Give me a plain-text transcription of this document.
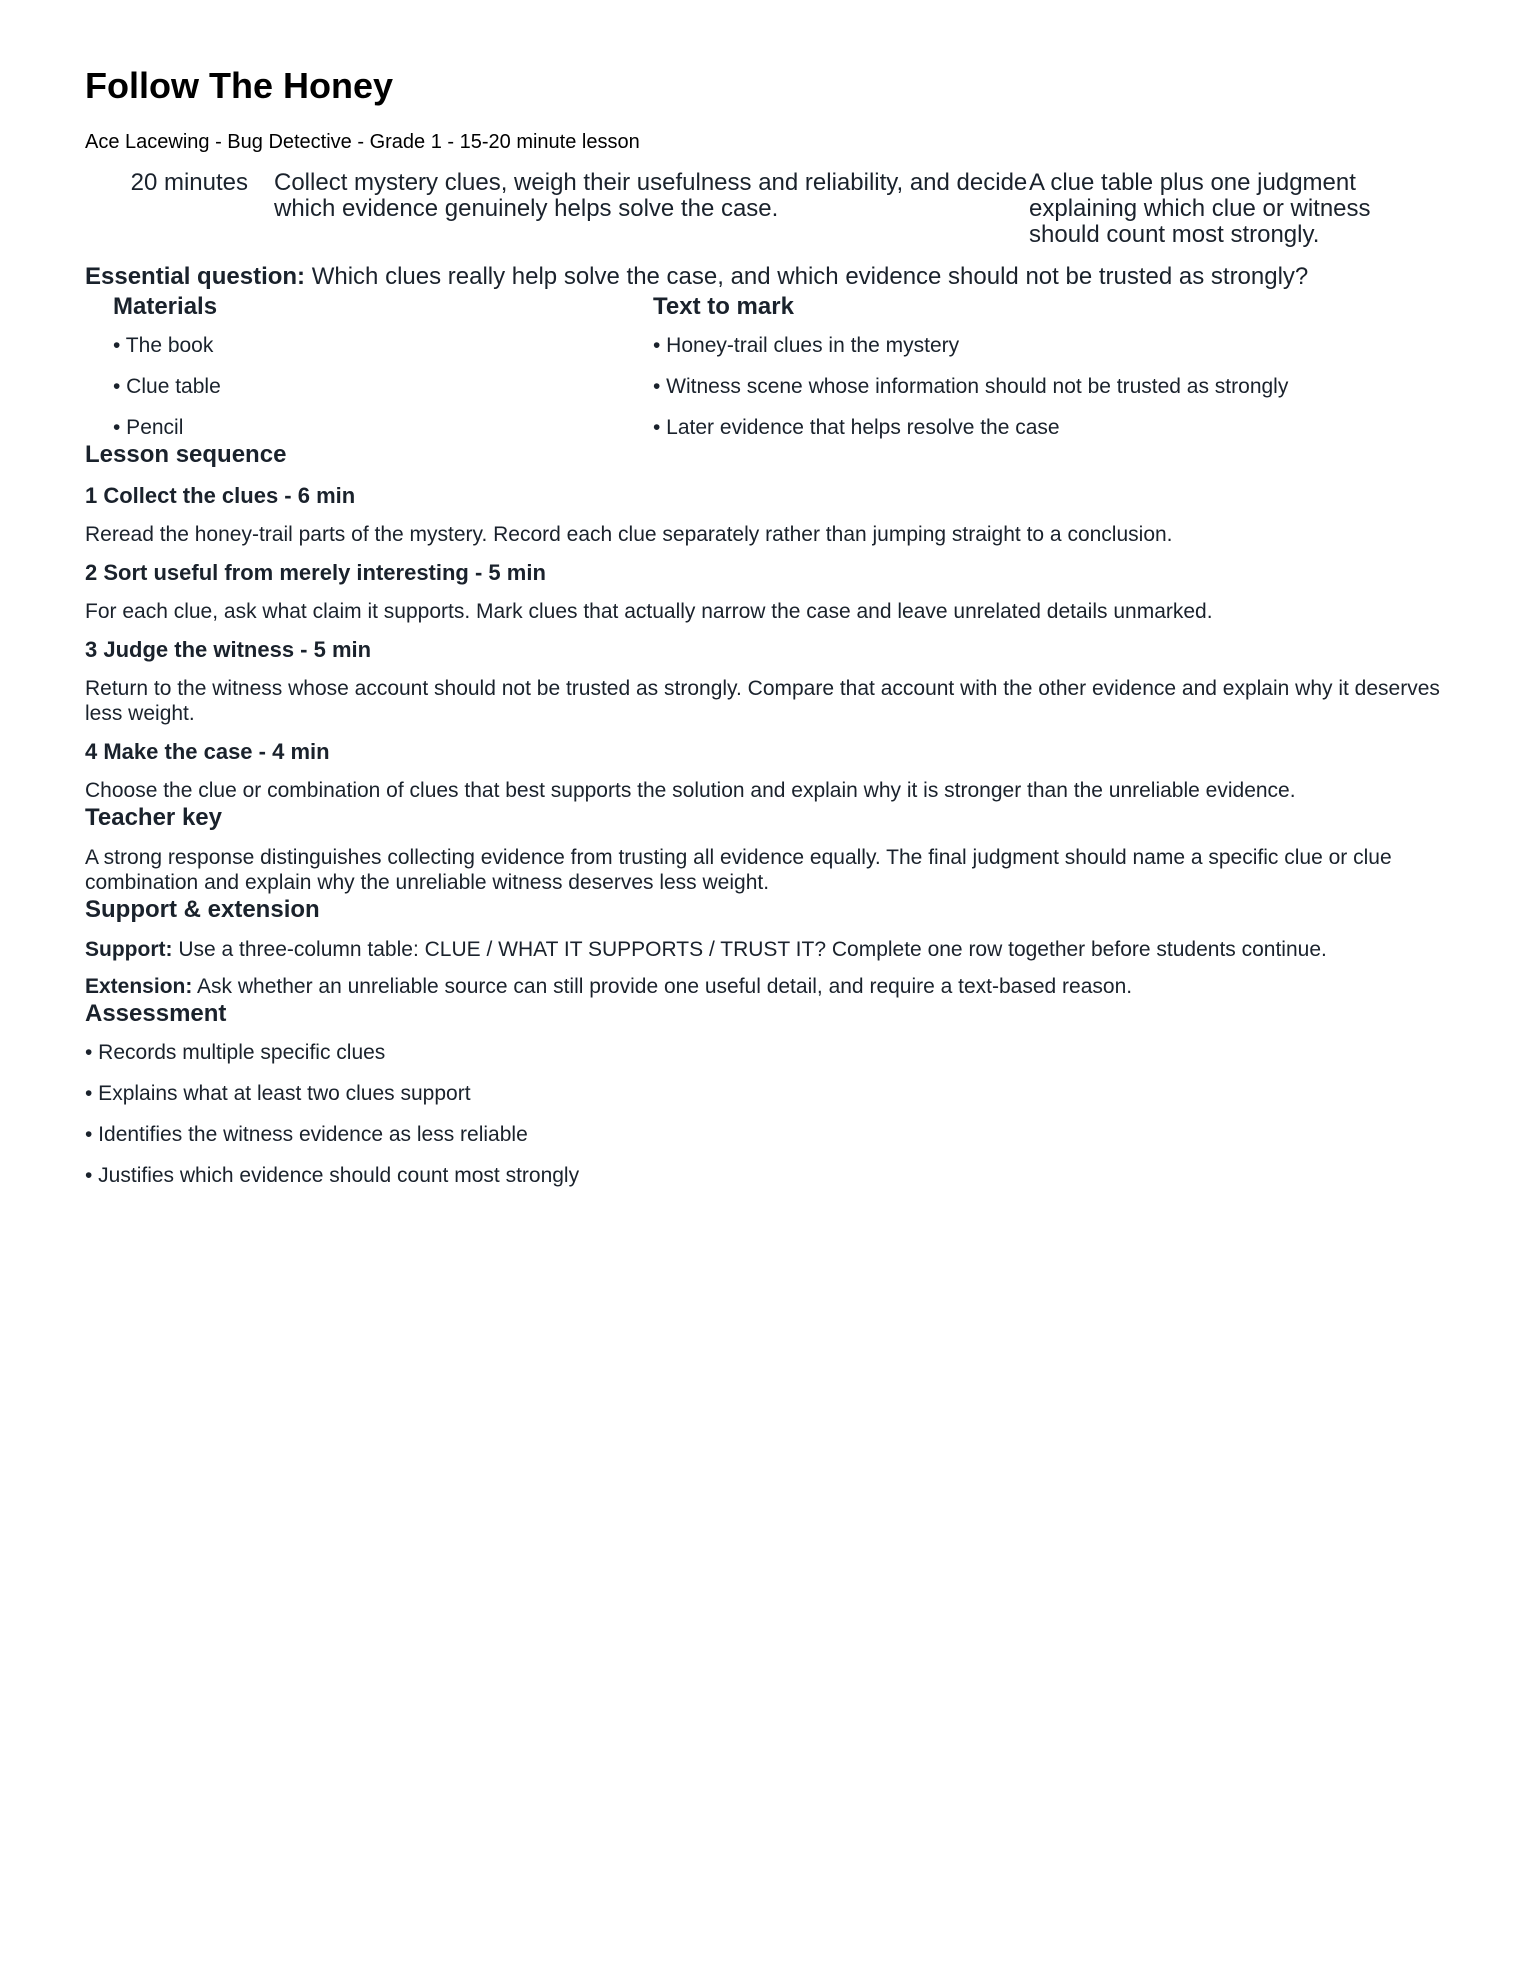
Follow The Honey
Ace Lacewing - Bug Detective - Grade 1 - 15-20 minute lesson
20 minutes Collect mystery clues, weigh their usefulness and reliability, and decide which evidence genuinely helps solve the case.
A clue table plus one judgment explaining which clue or witness should count most strongly.
Essential question: Which clues really help solve the case, and which evidence should not be trusted as strongly?
Materials
• The book
• Clue table
• Pencil
Text to mark
• Honey-trail clues in the mystery
• Witness scene whose information should not be trusted as strongly
• Later evidence that helps resolve the case
Lesson sequence
1 Collect the clues - 6 min

Reread the honey-trail parts of the mystery. Record each clue separately rather than jumping straight to a conclusion.

2 Sort useful from merely interesting - 5 min

For each clue, ask what claim it supports. Mark clues that actually narrow the case and leave unrelated details unmarked.

3 Judge the witness - 5 min

Return to the witness whose account should not be trusted as strongly. Compare that account with the other evidence and explain why it deserves less weight.

4 Make the case - 4 min

Choose the clue or combination of clues that best supports the solution and explain why it is stronger than the unreliable evidence.

Teacher key

A strong response distinguishes collecting evidence from trusting all evidence equally. The final judgment should name a specific clue or clue combination and explain why the unreliable witness deserves less weight.

Support & extension

Support: Use a three-column table: CLUE / WHAT IT SUPPORTS / TRUST IT? Complete one row together before students continue.

Extension: Ask whether an unreliable source can still provide one useful detail, and require a text-based reason.

Assessment
• Records multiple specific clues
• Explains what at least two clues support
• Identifies the witness evidence as less reliable
• Justifies which evidence should count most strongly
